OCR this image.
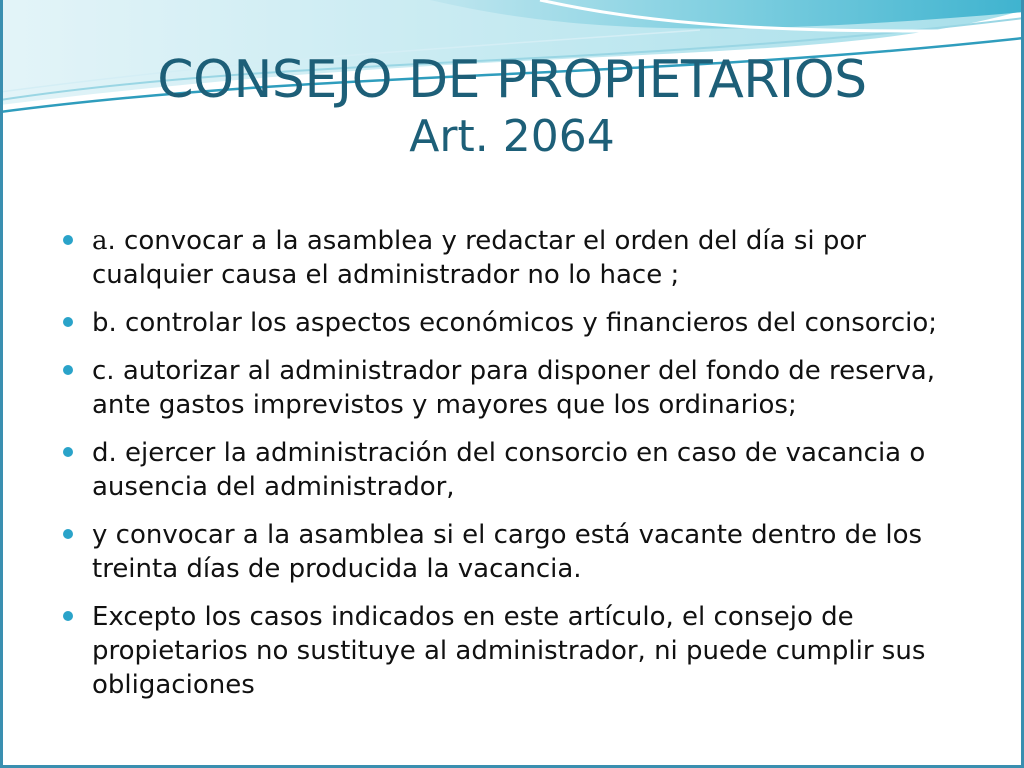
CONSEJO DE PROPIETARIOS
Art. 2064
a. convocar a la asamblea y redactar el orden del día si por cualquier causa el administrador no lo hace ;
b. controlar los aspectos económicos y financieros del consorcio;
c. autorizar al administrador para disponer del fondo de reserva, ante gastos imprevistos y mayores que los ordinarios;
d. ejercer la administración del consorcio en caso de vacancia o ausencia del administrador,
y convocar a la asamblea si el cargo está vacante dentro de los treinta días de producida la vacancia.
Excepto los casos indicados en este artículo, el consejo de propietarios no sustituye al administrador, ni puede cumplir sus obligaciones
